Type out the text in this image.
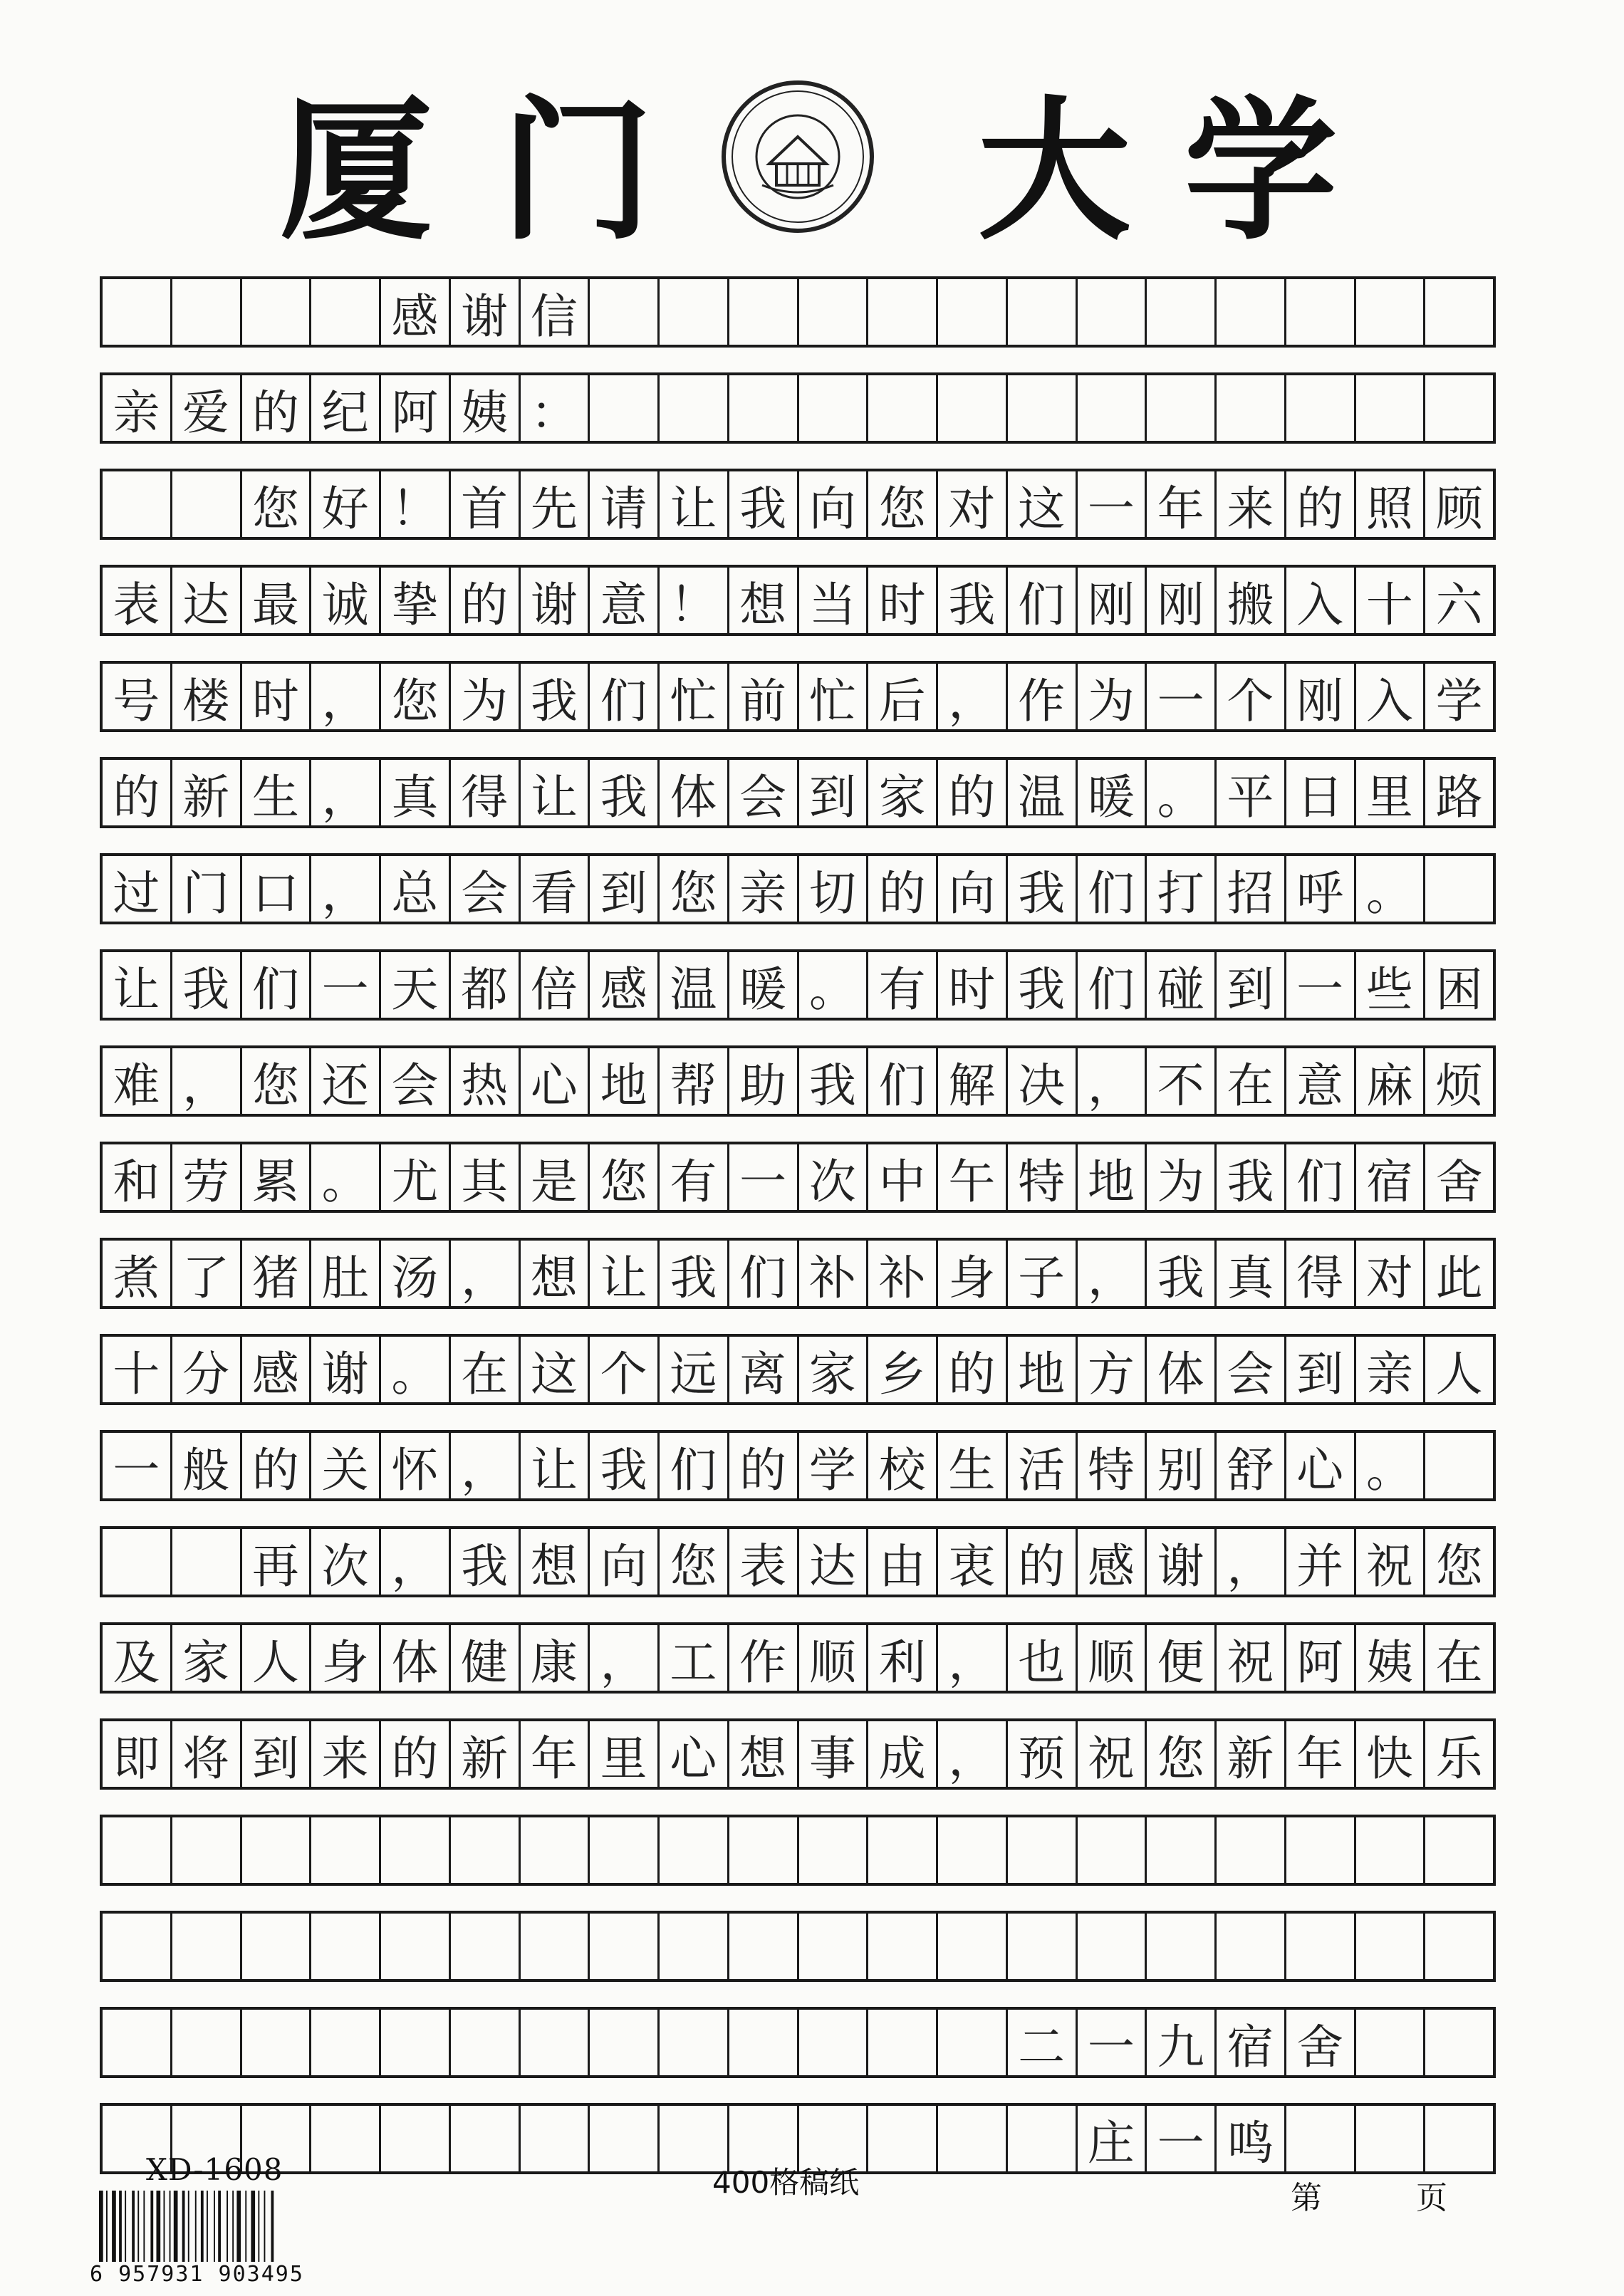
厦 门 大 学
感 谢 信
亲 爱 的 纪 阿 姨 ：
您 好 ！ 首 先 请 让 我 向 您 对 这 一 年 来 的 照 顾
表 达 最 诚 挚 的 谢 意 ！ 想 当 时 我 们 刚 刚 搬 入 十 六
号 楼 时 ， 您 为 我 们 忙 前 忙 后 ， 作 为 一 个 刚 入 学
的 新 生 ， 真 得 让 我 体 会 到 家 的 温 暖 。 平 日 里 路
过 门 口 ， 总 会 看 到 您 亲 切 的 向 我 们 打 招 呼 。
让 我 们 一 天 都 倍 感 温 暖 。 有 时 我 们 碰 到 一 些 困
难 ， 您 还 会 热 心 地 帮 助 我 们 解 决 ， 不 在 意 麻 烦
和 劳 累 。 尤 其 是 您 有 一 次 中 午 特 地 为 我 们 宿 舍
煮 了 猪 肚 汤 ， 想 让 我 们 补 补 身 子 ， 我 真 得 对 此
十 分 感 谢 。 在 这 个 远 离 家 乡 的 地 方 体 会 到 亲 人
一 般 的 关 怀 ， 让 我 们 的 学 校 生 活 特 别 舒 心 。
再 次 ， 我 想 向 您 表 达 由 衷 的 感 谢 ， 并 祝 您
及 家 人 身 体 健 康 ， 工 作 顺 利 ， 也 顺 便 祝 阿 姨 在
即 将 到 来 的 新 年 里 心 想 事 成 ， 预 祝 您 新 年 快 乐
二 一 九 宿 舍
庄 一 鸣
XD-1608
6 957931 903495
400格稿纸	第	页
